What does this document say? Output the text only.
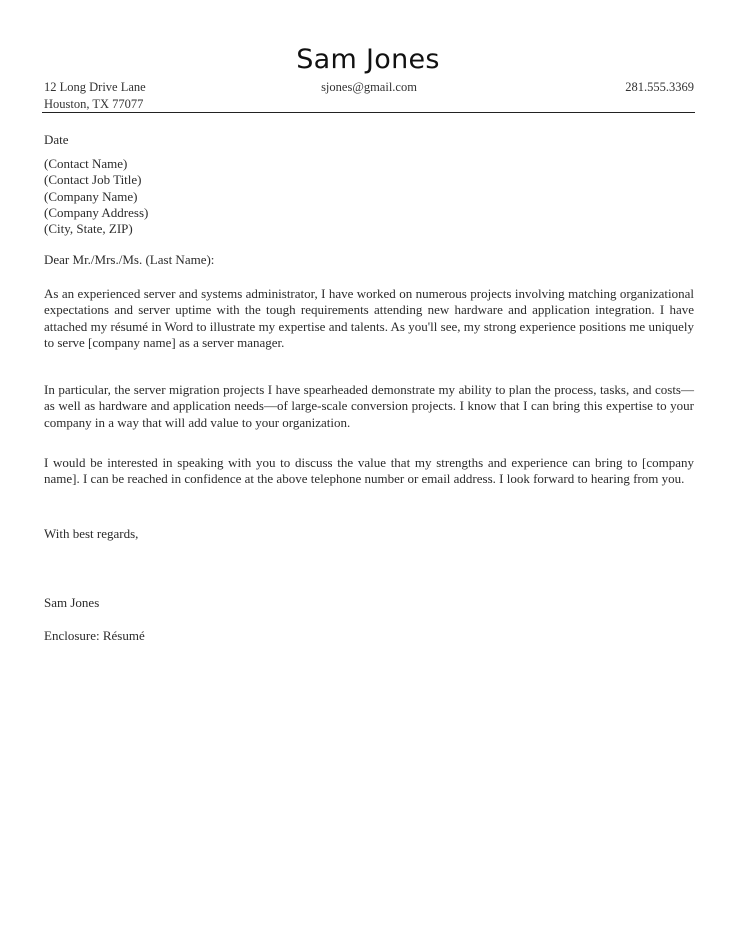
Sam Jones
12 Long Drive Lane	sjones@gmail.com	281.555.3369
Houston, TX 77077
Date
(Contact Name)
(Contact Job Title)
(Company Name)
(Company Address)
(City, State, ZIP)
Dear Mr./Mrs./Ms. (Last Name):

As an experienced server and systems administrator, I have worked on numerous projects involving matching organizational expectations and server uptime with the tough requirements attending new hardware and application integration. I have attached my résumé in Word to illustrate my expertise and talents. As you'll see, my strong experience positions me uniquely to serve [company name] as a server manager.

In particular, the server migration projects I have spearheaded demonstrate my ability to plan the process, tasks, and costs—as well as hardware and application needs—of large-scale conversion projects. I know that I can bring this expertise to your company in a way that will add value to your organization.

I would be interested in speaking with you to discuss the value that my strengths and experience can bring to [company name]. I can be reached in confidence at the above telephone number or email address. I look forward to hearing from you.

With best regards,
Sam Jones
Enclosure: Résumé
